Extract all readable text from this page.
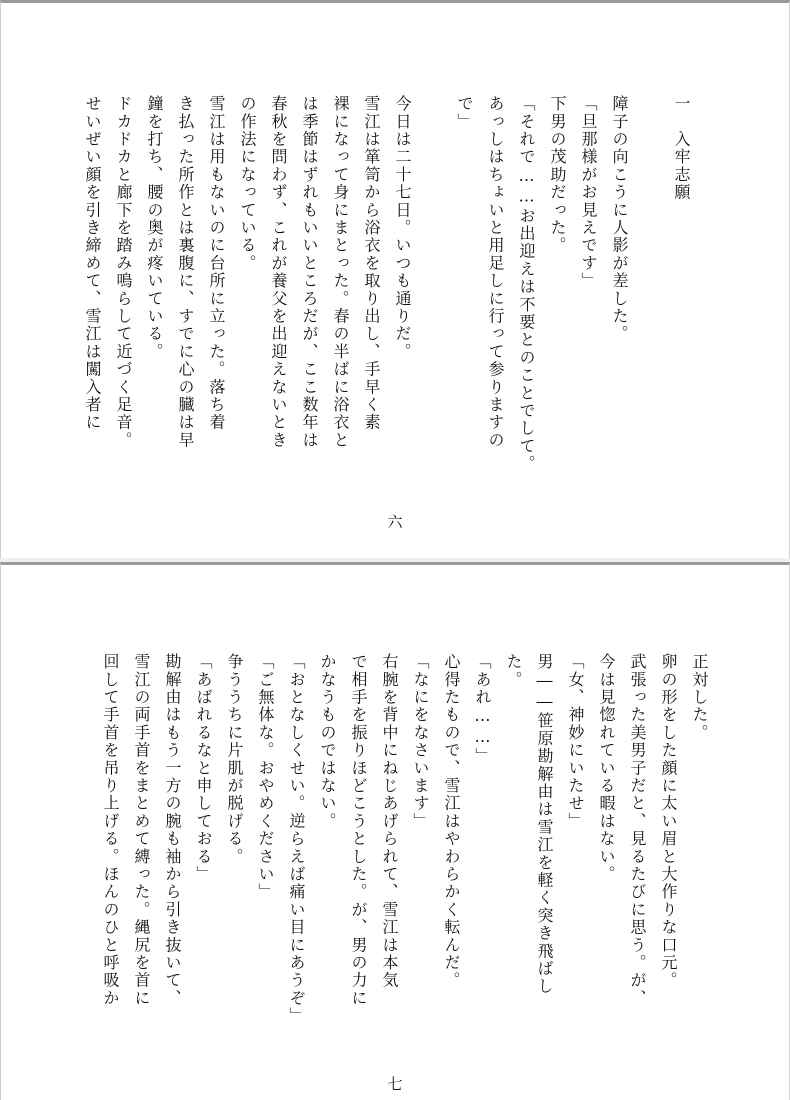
一　入牢志願

障子の向こうに人影が差した。
「旦那様がお見えです」
下男の茂助だった。
「それで……お出迎えは不要とのことでして。
あっしはちょいと用足しに行って参りますの
で」

今日は二十七日。いつも通りだ。
雪江は箪笥から浴衣を取り出し、手早く素
裸になって身にまとった。春の半ばに浴衣と
は季節はずれもいいところだが、ここ数年は
春秋を問わず、これが養父を出迎えないとき
の作法になっている。
雪江は用もないのに台所に立った。落ち着
き払った所作とは裏腹に、すでに心の臓は早
鐘を打ち、腰の奥が疼いている。
ドカドカと廊下を踏み鳴らして近づく足音。
せいぜい顔を引き締めて、雪江は闖入者に
六
正対した。
卵の形をした顔に太い眉と大作りな口元。
武張った美男子だと、見るたびに思う。が、
今は見惚れている暇はない。
「女、神妙にいたせ」
男――笹原勘解由は雪江を軽く突き飛ばし
た。
「あれ……」
心得たもので、雪江はやわらかく転んだ。
「なにをなさいます」
右腕を背中にねじあげられて、雪江は本気
で相手を振りほどこうとした。が、男の力に
かなうものではない。
「おとなしくせい。逆らえば痛い目にあうぞ」
「ご無体な。おやめください」
争ううちに片肌が脱げる。
「あばれるなと申しておる」
勘解由はもう一方の腕も袖から引き抜いて、
雪江の両手首をまとめて縛った。縄尻を首に
回して手首を吊り上げる。ほんのひと呼吸か
七
